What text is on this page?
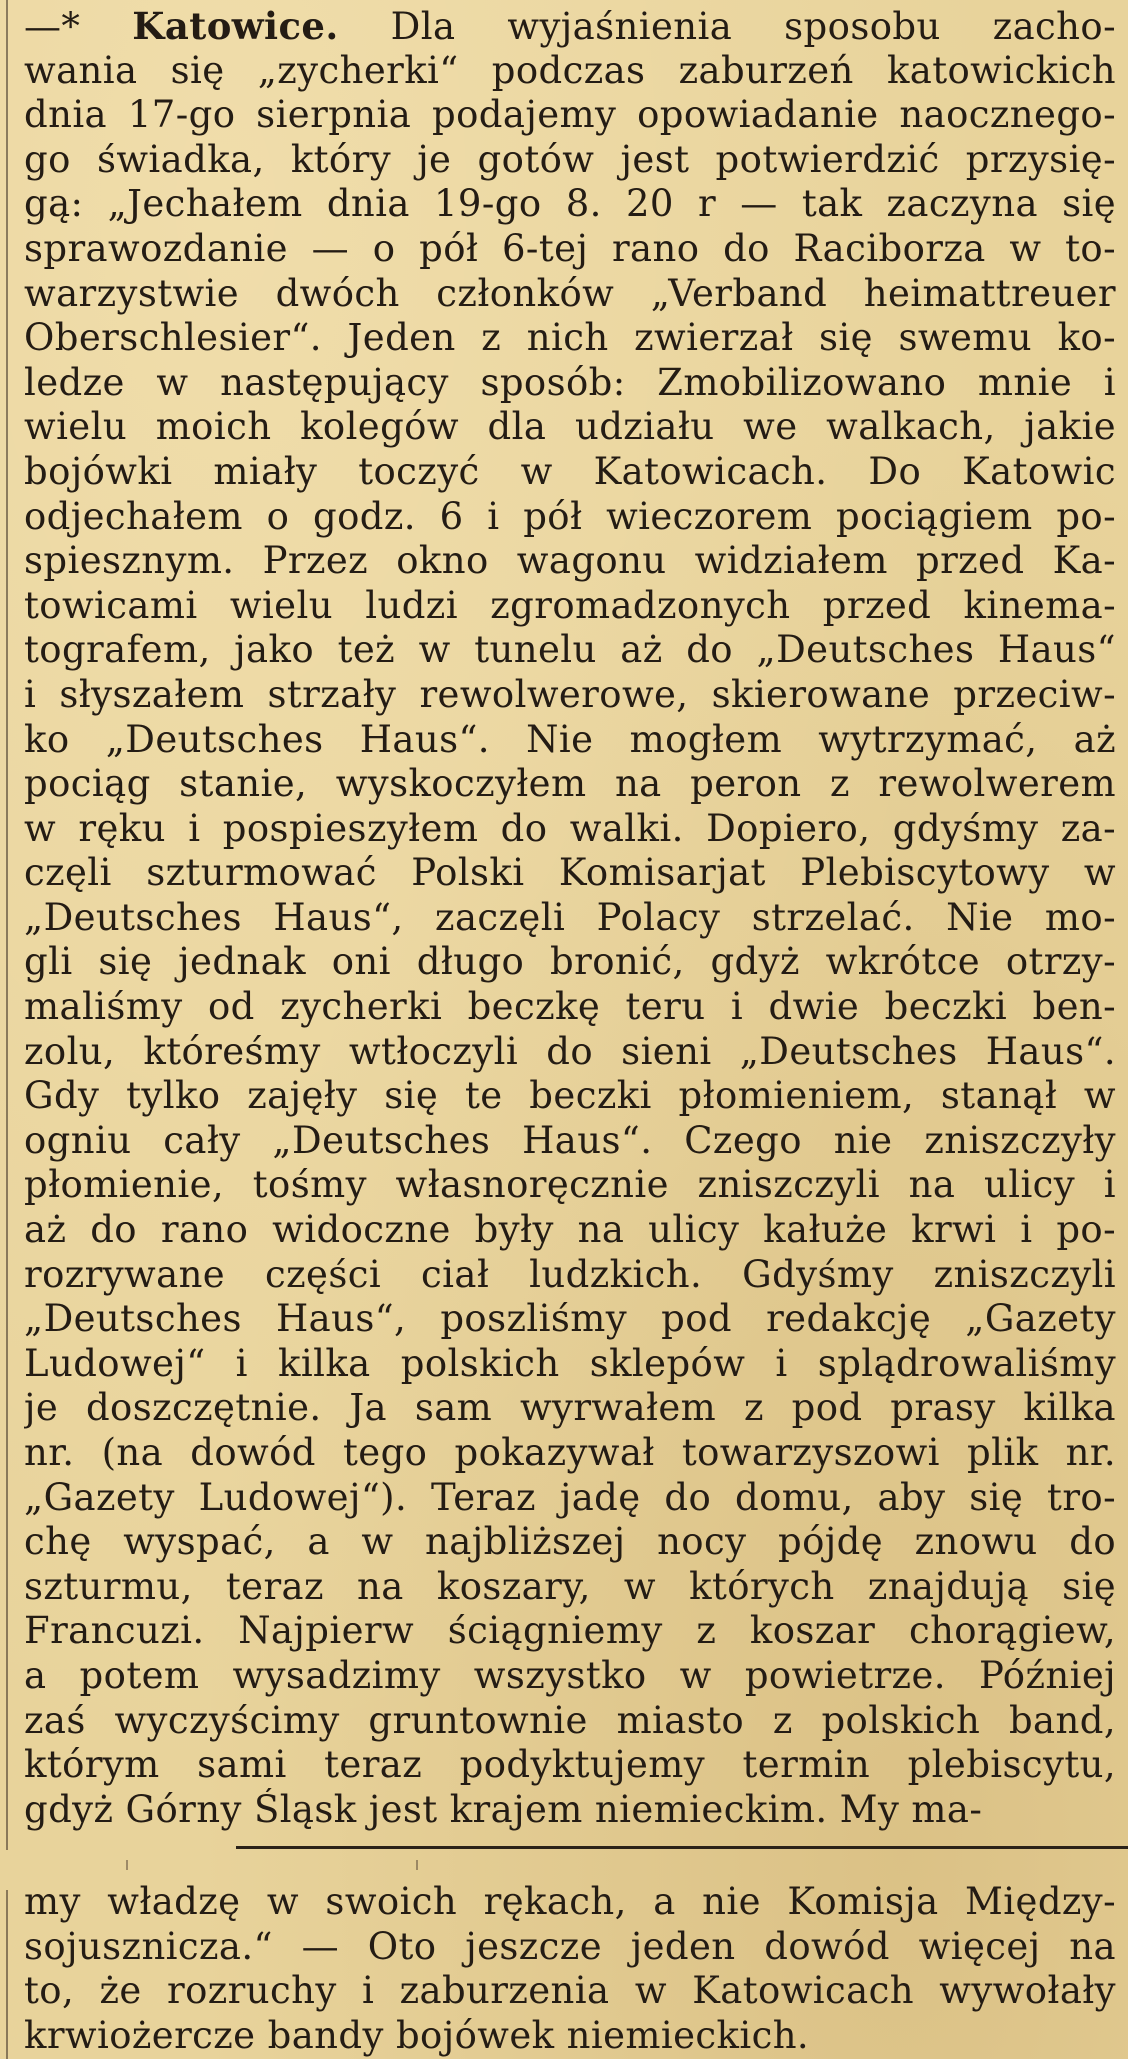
—* Katowice. Dla wyjaśnienia sposobu zacho-
wania się „zycherki“ podczas zaburzeń katowickich
dnia 17-go sierpnia podajemy opowiadanie naocznego-
go świadka, który je gotów jest potwierdzić przysię-
gą: „Jechałem dnia 19-go 8. 20 r — tak zaczyna się
sprawozdanie — o pół 6-tej rano do Raciborza w to-
warzystwie dwóch członków „Verband heimattreuer
Oberschlesier“. Jeden z nich zwierzał się swemu ko-
ledze w następujący sposób: Zmobilizowano mnie i
wielu moich kolegów dla udziału we walkach, jakie
bojówki miały toczyć w Katowicach. Do Katowic
odjechałem o godz. 6 i pół wieczorem pociągiem po-
spiesznym. Przez okno wagonu widziałem przed Ka-
towicami wielu ludzi zgromadzonych przed kinema-
tografem, jako też w tunelu aż do „Deutsches Haus“
i słyszałem strzały rewolwerowe, skierowane przeciw-
ko „Deutsches Haus“. Nie mogłem wytrzymać, aż
pociąg stanie, wyskoczyłem na peron z rewolwerem
w ręku i pospieszyłem do walki. Dopiero, gdyśmy za-
częli szturmować Polski Komisarjat Plebiscytowy w
„Deutsches Haus“, zaczęli Polacy strzelać. Nie mo-
gli się jednak oni długo bronić, gdyż wkrótce otrzy-
maliśmy od zycherki beczkę teru i dwie beczki ben-
zolu, któreśmy wtłoczyli do sieni „Deutsches Haus“.
Gdy tylko zajęły się te beczki płomieniem, stanął w
ogniu cały „Deutsches Haus“. Czego nie zniszczyły
płomienie, tośmy własnoręcznie zniszczyli na ulicy i
aż do rano widoczne były na ulicy kałuże krwi i po-
rozrywane części ciał ludzkich. Gdyśmy zniszczyli
„Deutsches Haus“, poszliśmy pod redakcję „Gazety
Ludowej“ i kilka polskich sklepów i splądrowaliśmy
je doszczętnie. Ja sam wyrwałem z pod prasy kilka
nr. (na dowód tego pokazywał towarzyszowi plik nr.
„Gazety Ludowej“). Teraz jadę do domu, aby się tro-
chę wyspać, a w najbliższej nocy pójdę znowu do
szturmu, teraz na koszary, w których znajdują się
Francuzi. Najpierw ściągniemy z koszar chorągiew,
a potem wysadzimy wszystko w powietrze. Później
zaś wyczyścimy gruntownie miasto z polskich band,
którym sami teraz podyktujemy termin plebiscytu,
gdyż Górny Śląsk jest krajem niemieckim. My ma-
my władzę w swoich rękach, a nie Komisja Między-
sojusznicza.“ — Oto jeszcze jeden dowód więcej na
to, że rozruchy i zaburzenia w Katowicach wywołały
krwiożercze bandy bojówek niemieckich.
